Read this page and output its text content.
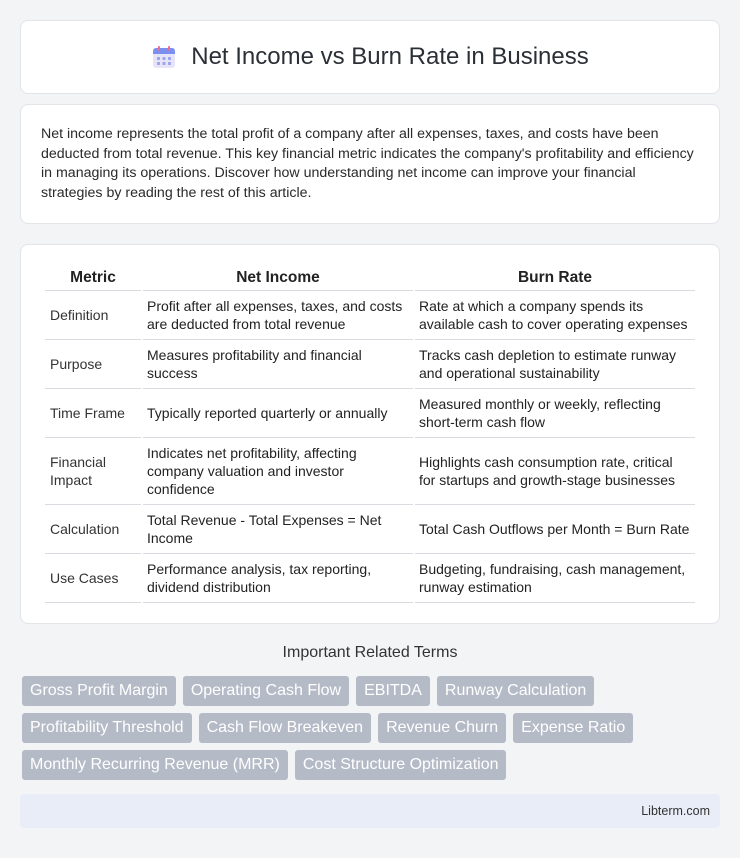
Net Income vs Burn Rate in Business

Net income represents the total profit of a company after all expenses, taxes, and costs have been deducted from total revenue. This key financial metric indicates the company's profitability and efficiency in managing its operations. Discover how understanding net income can improve your financial strategies by reading the rest of this article.

Metric	Net Income	Burn Rate
Definition	Profit after all expenses, taxes, and costs are deducted from total revenue	Rate at which a company spends its available cash to cover operating expenses
Purpose	Measures profitability and financial success	Tracks cash depletion to estimate runway and operational sustainability
Time Frame	Typically reported quarterly or annually	Measured monthly or weekly, reflecting short-term cash flow
Financial Impact	Indicates net profitability, affecting company valuation and investor confidence	Highlights cash consumption rate, critical for startups and growth-stage businesses
Calculation	Total Revenue - Total Expenses = Net Income	Total Cash Outflows per Month = Burn Rate
Use Cases	Performance analysis, tax reporting, dividend distribution	Budgeting, fundraising, cash management, runway estimation
Important Related Terms
Gross Profit Margin	Operating Cash Flow	EBITDA	Runway Calculation
Profitability Threshold	Cash Flow Breakeven	Revenue Churn	Expense Ratio
Monthly Recurring Revenue (MRR)	Cost Structure Optimization
Libterm.com
